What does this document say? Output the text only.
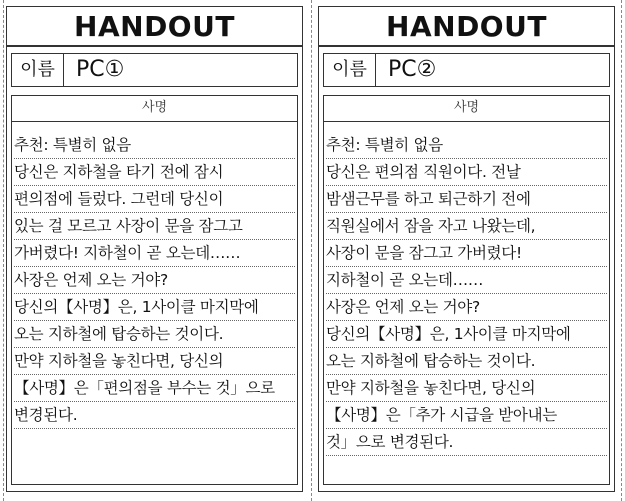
HANDOUT
이름 PC①
사명
추천: 특별히 없음
당신은 지하철을 타기 전에 잠시
편의점에 들렀다. 그런데 당신이
있는 걸 모르고 사장이 문을 잠그고
가버렸다! 지하철이 곧 오는데……
사장은 언제 오는 거야?
당신의【사명】은, 1사이클 마지막에
오는 지하철에 탑승하는 것이다.
만약 지하철을 놓친다면, 당신의
【사명】은「편의점을 부수는 것」으로
변경된다.
HANDOUT
이름 PC②
사명
추천: 특별히 없음
당신은 편의점 직원이다. 전날
밤샘근무를 하고 퇴근하기 전에
직원실에서 잠을 자고 나왔는데,
사장이 문을 잠그고 가버렸다!
지하철이 곧 오는데……
사장은 언제 오는 거야?
당신의【사명】은, 1사이클 마지막에
오는 지하철에 탑승하는 것이다.
만약 지하철을 놓친다면, 당신의
【사명】은「추가 시급을 받아내는
것」으로 변경된다.
